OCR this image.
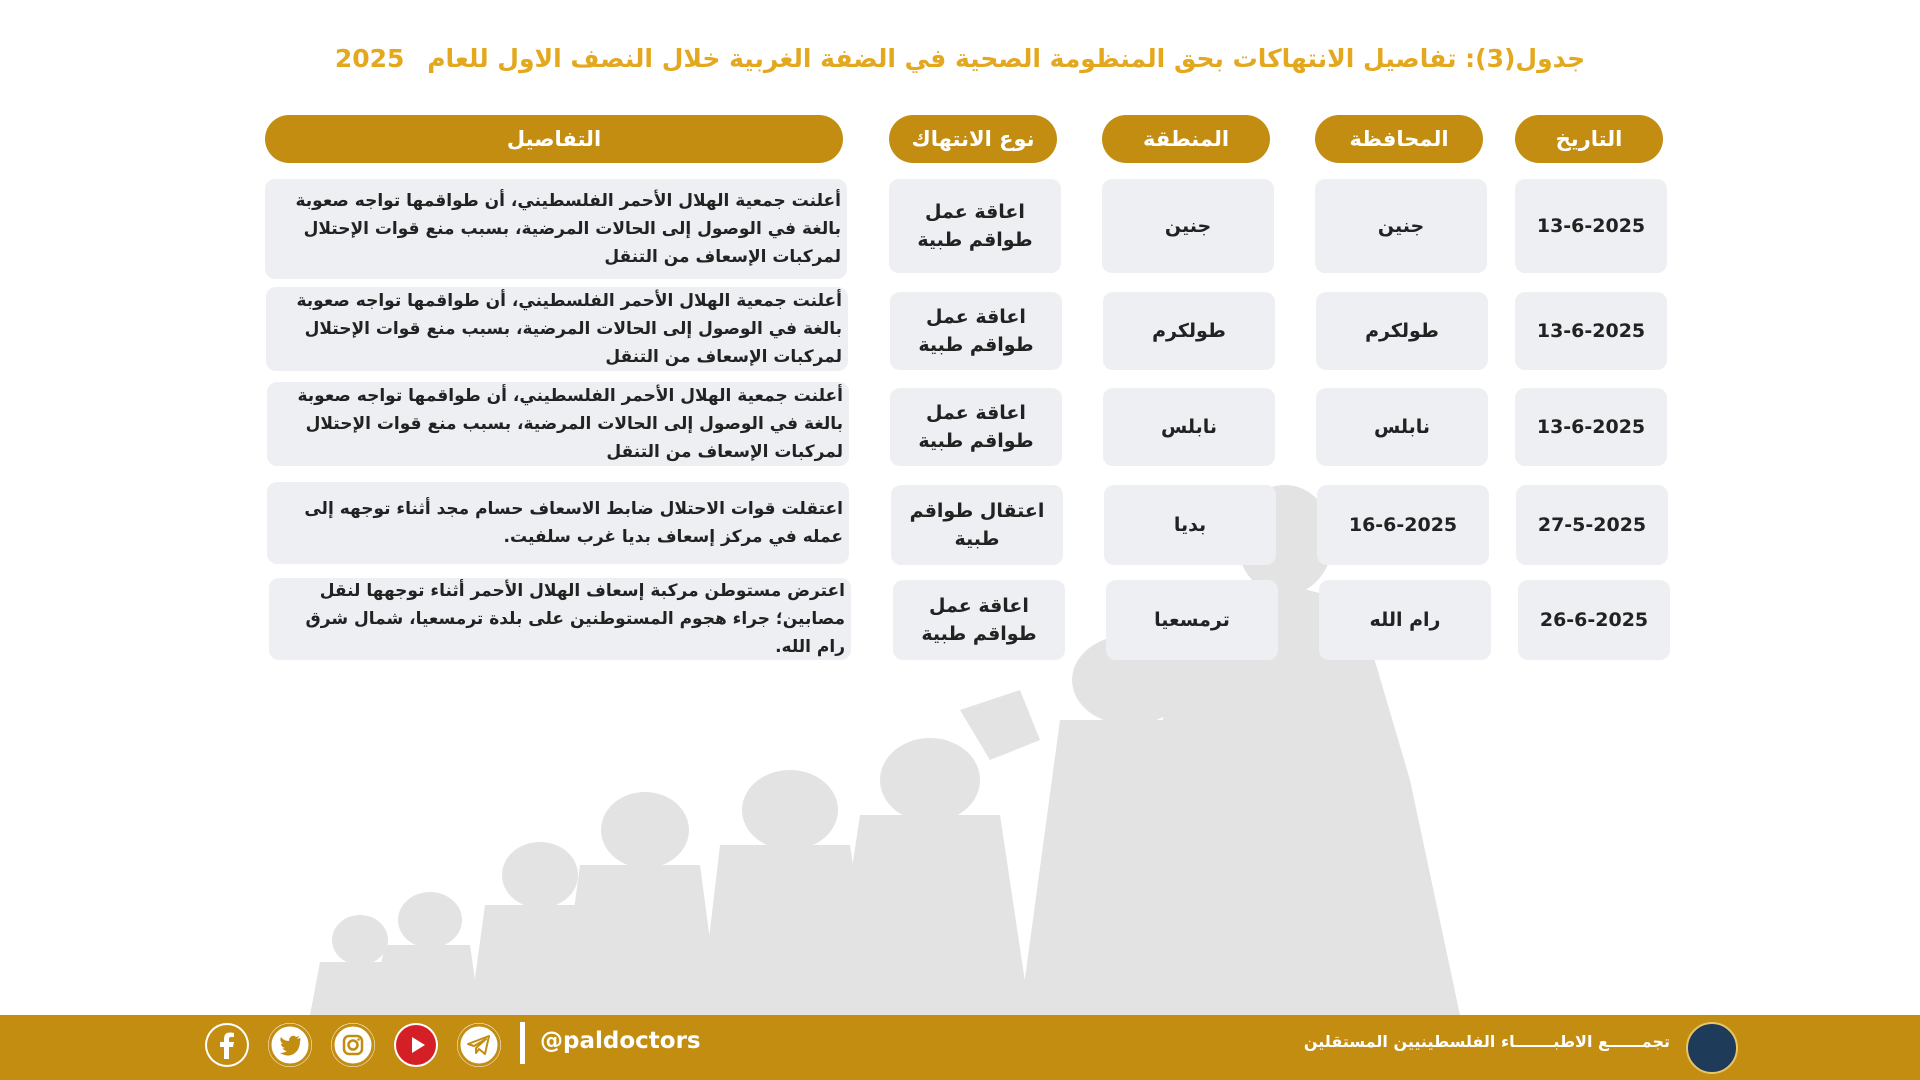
جدول(3): تفاصيل الانتهاكات بحق المنظومة الصحية في الضفة الغربية خلال النصف الاول للعام 2025
التاريخ
المحافظة
المنطقة
نوع الانتهاك
التفاصيل
13-6-2025
جنين
جنين
اعاقة عمل طواقم طبية
أعلنت جمعية الهلال الأحمر الفلسطيني، أن طواقمها تواجه صعوبة بالغة في الوصول إلى الحالات المرضية، بسبب منع قوات الإحتلال لمركبات الإسعاف من التنقل
13-6-2025
طولكرم
طولكرم
اعاقة عمل طواقم طبية
أعلنت جمعية الهلال الأحمر الفلسطيني، أن طواقمها تواجه صعوبة بالغة في الوصول إلى الحالات المرضية، بسبب منع قوات الإحتلال لمركبات الإسعاف من التنقل
13-6-2025
نابلس
نابلس
اعاقة عمل طواقم طبية
أعلنت جمعية الهلال الأحمر الفلسطيني، أن طواقمها تواجه صعوبة بالغة في الوصول إلى الحالات المرضية، بسبب منع قوات الإحتلال لمركبات الإسعاف من التنقل
27-5-2025
16-6-2025
بديا
اعتقال طواقم طبية
اعتقلت قوات الاحتلال ضابط الاسعاف حسام مجد أثناء توجهه إلى عمله في مركز إسعاف بديا غرب سلفيت.
26-6-2025
رام الله
ترمسعيا
اعاقة عمل طواقم طبية
اعترض مستوطن مركبة إسعاف الهلال الأحمر أثناء توجهها لنقل مصابين؛ جراء هجوم المستوطنين على بلدة ترمسعيا، شمال شرق رام الله.
@paldoctors	تجمــــــع الاطبـــــــاء الفلسطينيين المستقلين
